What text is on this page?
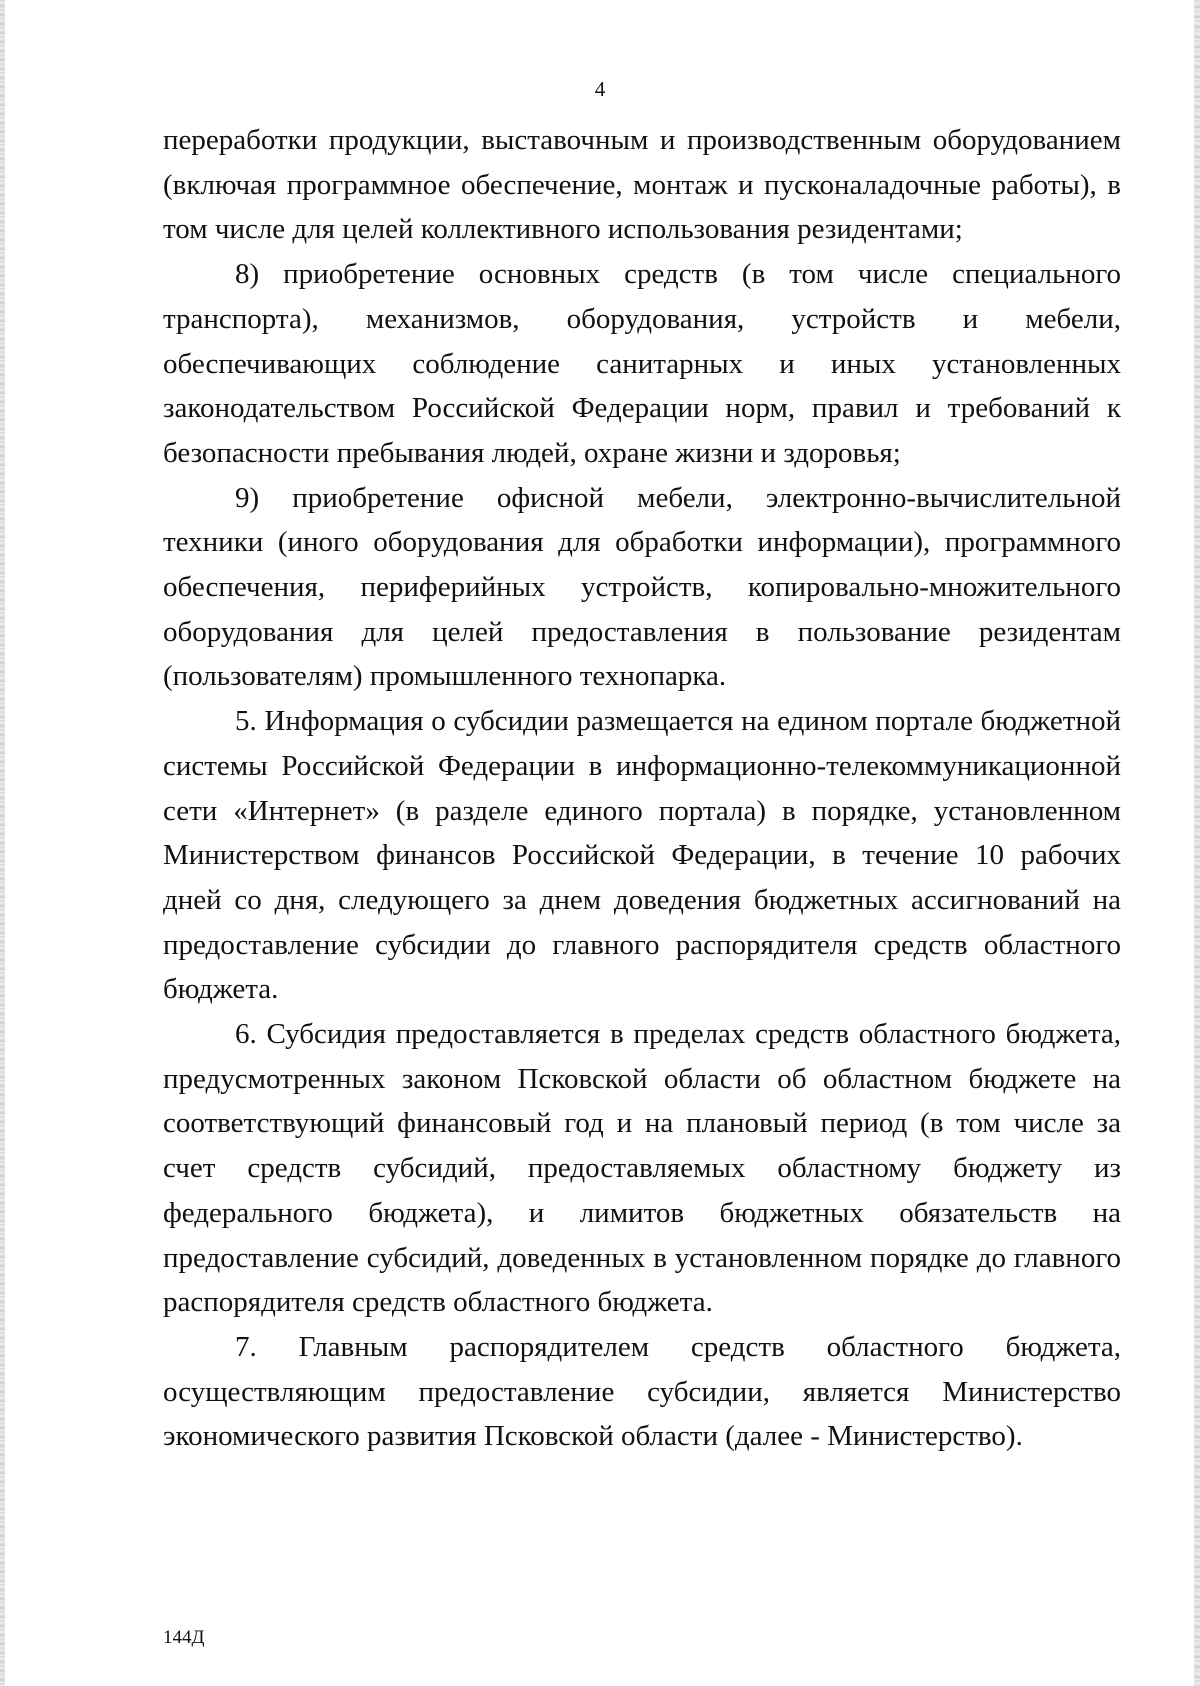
4

переработки продукции, выставочным и производственным оборудованием (включая программное обеспечение, монтаж и пусконаладочные работы), в том числе для целей коллективного использования резидентами;

8) приобретение основных средств (в том числе специального транспорта), механизмов, оборудования, устройств и мебели, обеспечивающих соблюдение санитарных и иных установленных законодательством Российской Федерации норм, правил и требований к безопасности пребывания людей, охране жизни и здоровья;

9) приобретение офисной мебели, электронно-вычислительной техники (иного оборудования для обработки информации), программного обеспечения, периферийных устройств, копировально-множительного оборудования для целей предоставления в пользование резидентам (пользователям) промышленного технопарка.

5. Информация о субсидии размещается на едином портале бюджетной системы Российской Федерации в информационно-телекоммуникационной сети «Интернет» (в разделе единого портала) в порядке, установленном Министерством финансов Российской Федерации, в течение 10 рабочих дней со дня, следующего за днем доведения бюджетных ассигнований на предоставление субсидии до главного распорядителя средств областного бюджета.

6. Субсидия предоставляется в пределах средств областного бюджета, предусмотренных законом Псковской области об областном бюджете на соответствующий финансовый год и на плановый период (в том числе за счет средств субсидий, предоставляемых областному бюджету из федерального бюджета), и лимитов бюджетных обязательств на предоставление субсидий, доведенных в установленном порядке до главного распорядителя средств областного бюджета.

7. Главным распорядителем средств областного бюджета, осуществляющим предоставление субсидии, является Министерство экономического развития Псковской области (далее - Министерство).

144Д
